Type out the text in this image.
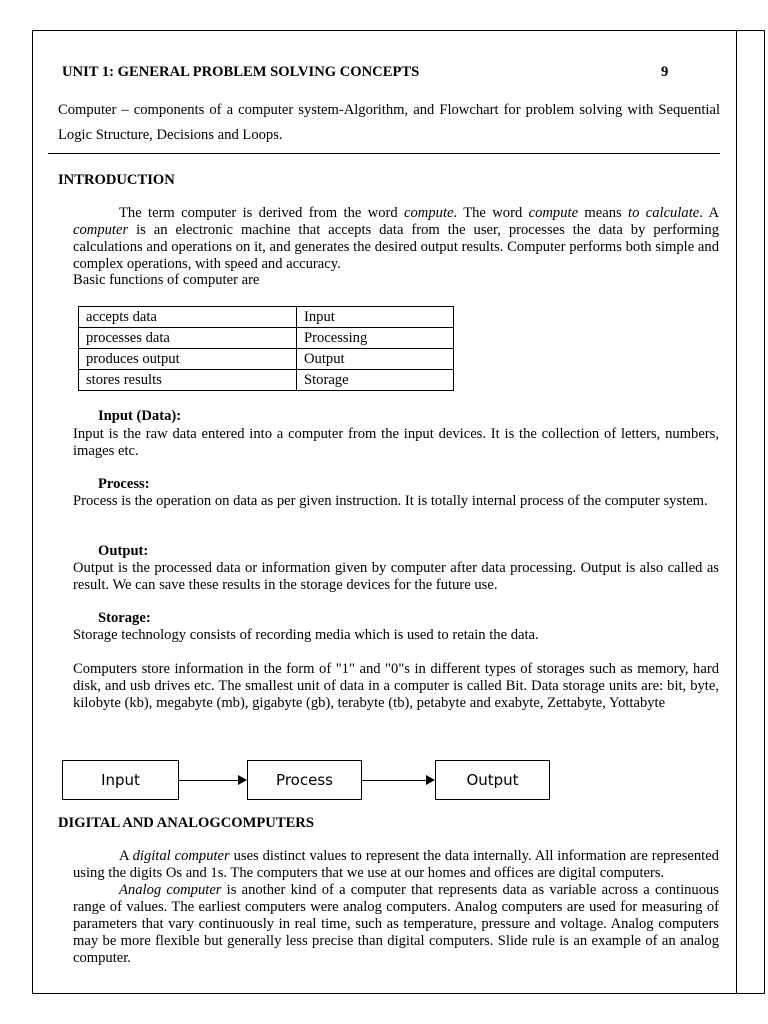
UNIT 1: GENERAL PROBLEM SOLVING CONCEPTS	9
Computer – components of a computer system-Algorithm, and Flowchart for problem solving with Sequential Logic Structure, Decisions and Loops.
INTRODUCTION

The term computer is derived from the word compute. The word compute means to calculate. A computer is an electronic machine that accepts data from the user, processes the data by performing calculations and operations on it, and generates the desired output results. Computer performs both simple and complex operations, with speed and accuracy.

Basic functions of computer are
accepts data	Input
processes data	Processing
produces output	Output
stores results	Storage
Input (Data):
Input is the raw data entered into a computer from the input devices. It is the collection of letters, numbers, images etc.
Process:
Process is the operation on data as per given instruction. It is totally internal process of the computer system.
Output:
Output is the processed data or information given by computer after data processing. Output is also called as result. We can save these results in the storage devices for the future use.
Storage:
Storage technology consists of recording media which is used to retain the data.
Computers store information in the form of "1" and "0"s in different types of storages such as memory, hard disk, and usb drives etc. The smallest unit of data in a computer is called Bit. Data storage units are: bit, byte, kilobyte (kb), megabyte (mb), gigabyte (gb), terabyte (tb), petabyte and exabyte, Zettabyte, Yottabyte
Input	Process	Output
DIGITAL AND ANALOGCOMPUTERS

A digital computer uses distinct values to represent the data internally. All information are represented using the digits Os and 1s. The computers that we use at our homes and offices are digital computers.

Analog computer is another kind of a computer that represents data as variable across a continuous range of values. The earliest computers were analog computers. Analog computers are used for measuring of parameters that vary continuously in real time, such as temperature, pressure and voltage. Analog computers may be more flexible but generally less precise than digital computers. Slide rule is an example of an analog computer.
